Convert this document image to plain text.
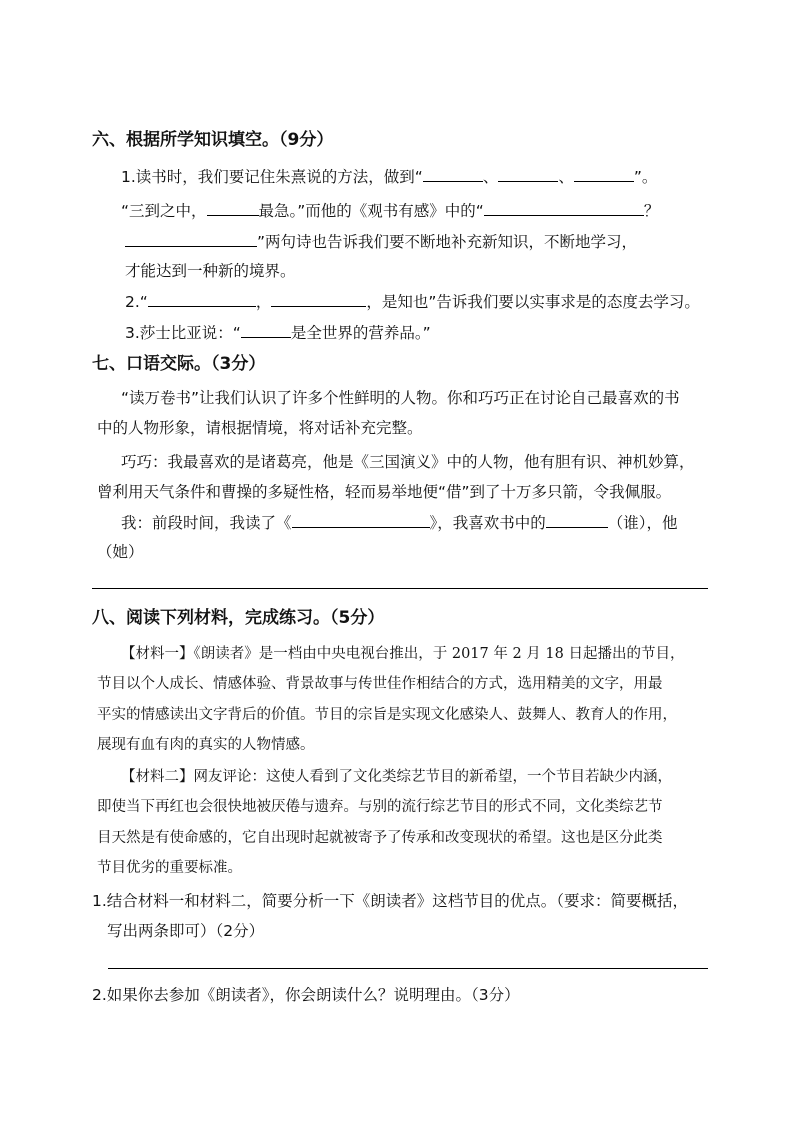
六、根据所学知识填空。（9分）
1.读书时，我们要记住朱熹说的方法，做到“	、	、	”。
“三到之中，	最急。”而他的《观书有感》中的“	？
”两句诗也告诉我们要不断地补充新知识，不断地学习，
才能达到一种新的境界。
2.“	，	，是知也”告诉我们要以实事求是的态度去学习。
3.莎士比亚说：“	是全世界的营养品。”
七、口语交际。（3分）
“读万卷书”让我们认识了许多个性鲜明的人物。你和巧巧正在讨论自己最喜欢的书
中的人物形象，请根据情境，将对话补充完整。
巧巧：我最喜欢的是诸葛亮，他是《三国演义》中的人物，他有胆有识、神机妙算，
曾利用天气条件和曹操的多疑性格，轻而易举地便“借”到了十万多只箭，令我佩服。
我：前段时间，我读了《	》，我喜欢书中的	（谁），他
（她）
八、阅读下列材料，完成练习。（5分）
【材料一】《朗读者》是一档由中央电视台推出，于 2017 年 2 月 18 日起播出的节目，
节目以个人成长、情感体验、背景故事与传世佳作相结合的方式，选用精美的文字，用最
平实的情感读出文字背后的价值。节目的宗旨是实现文化感染人、鼓舞人、教育人的作用，
展现有血有肉的真实的人物情感。
【材料二】网友评论：这使人看到了文化类综艺节目的新希望，一个节目若缺少内涵，
即使当下再红也会很快地被厌倦与遗弃。与别的流行综艺节目的形式不同，文化类综艺节
目天然是有使命感的，它自出现时起就被寄予了传承和改变现状的希望。这也是区分此类
节目优劣的重要标准。
1.结合材料一和材料二，简要分析一下《朗读者》这档节目的优点。（要求：简要概括，
写出两条即可）（2分）
2.如果你去参加《朗读者》，你会朗读什么？说明理由。（3分）
